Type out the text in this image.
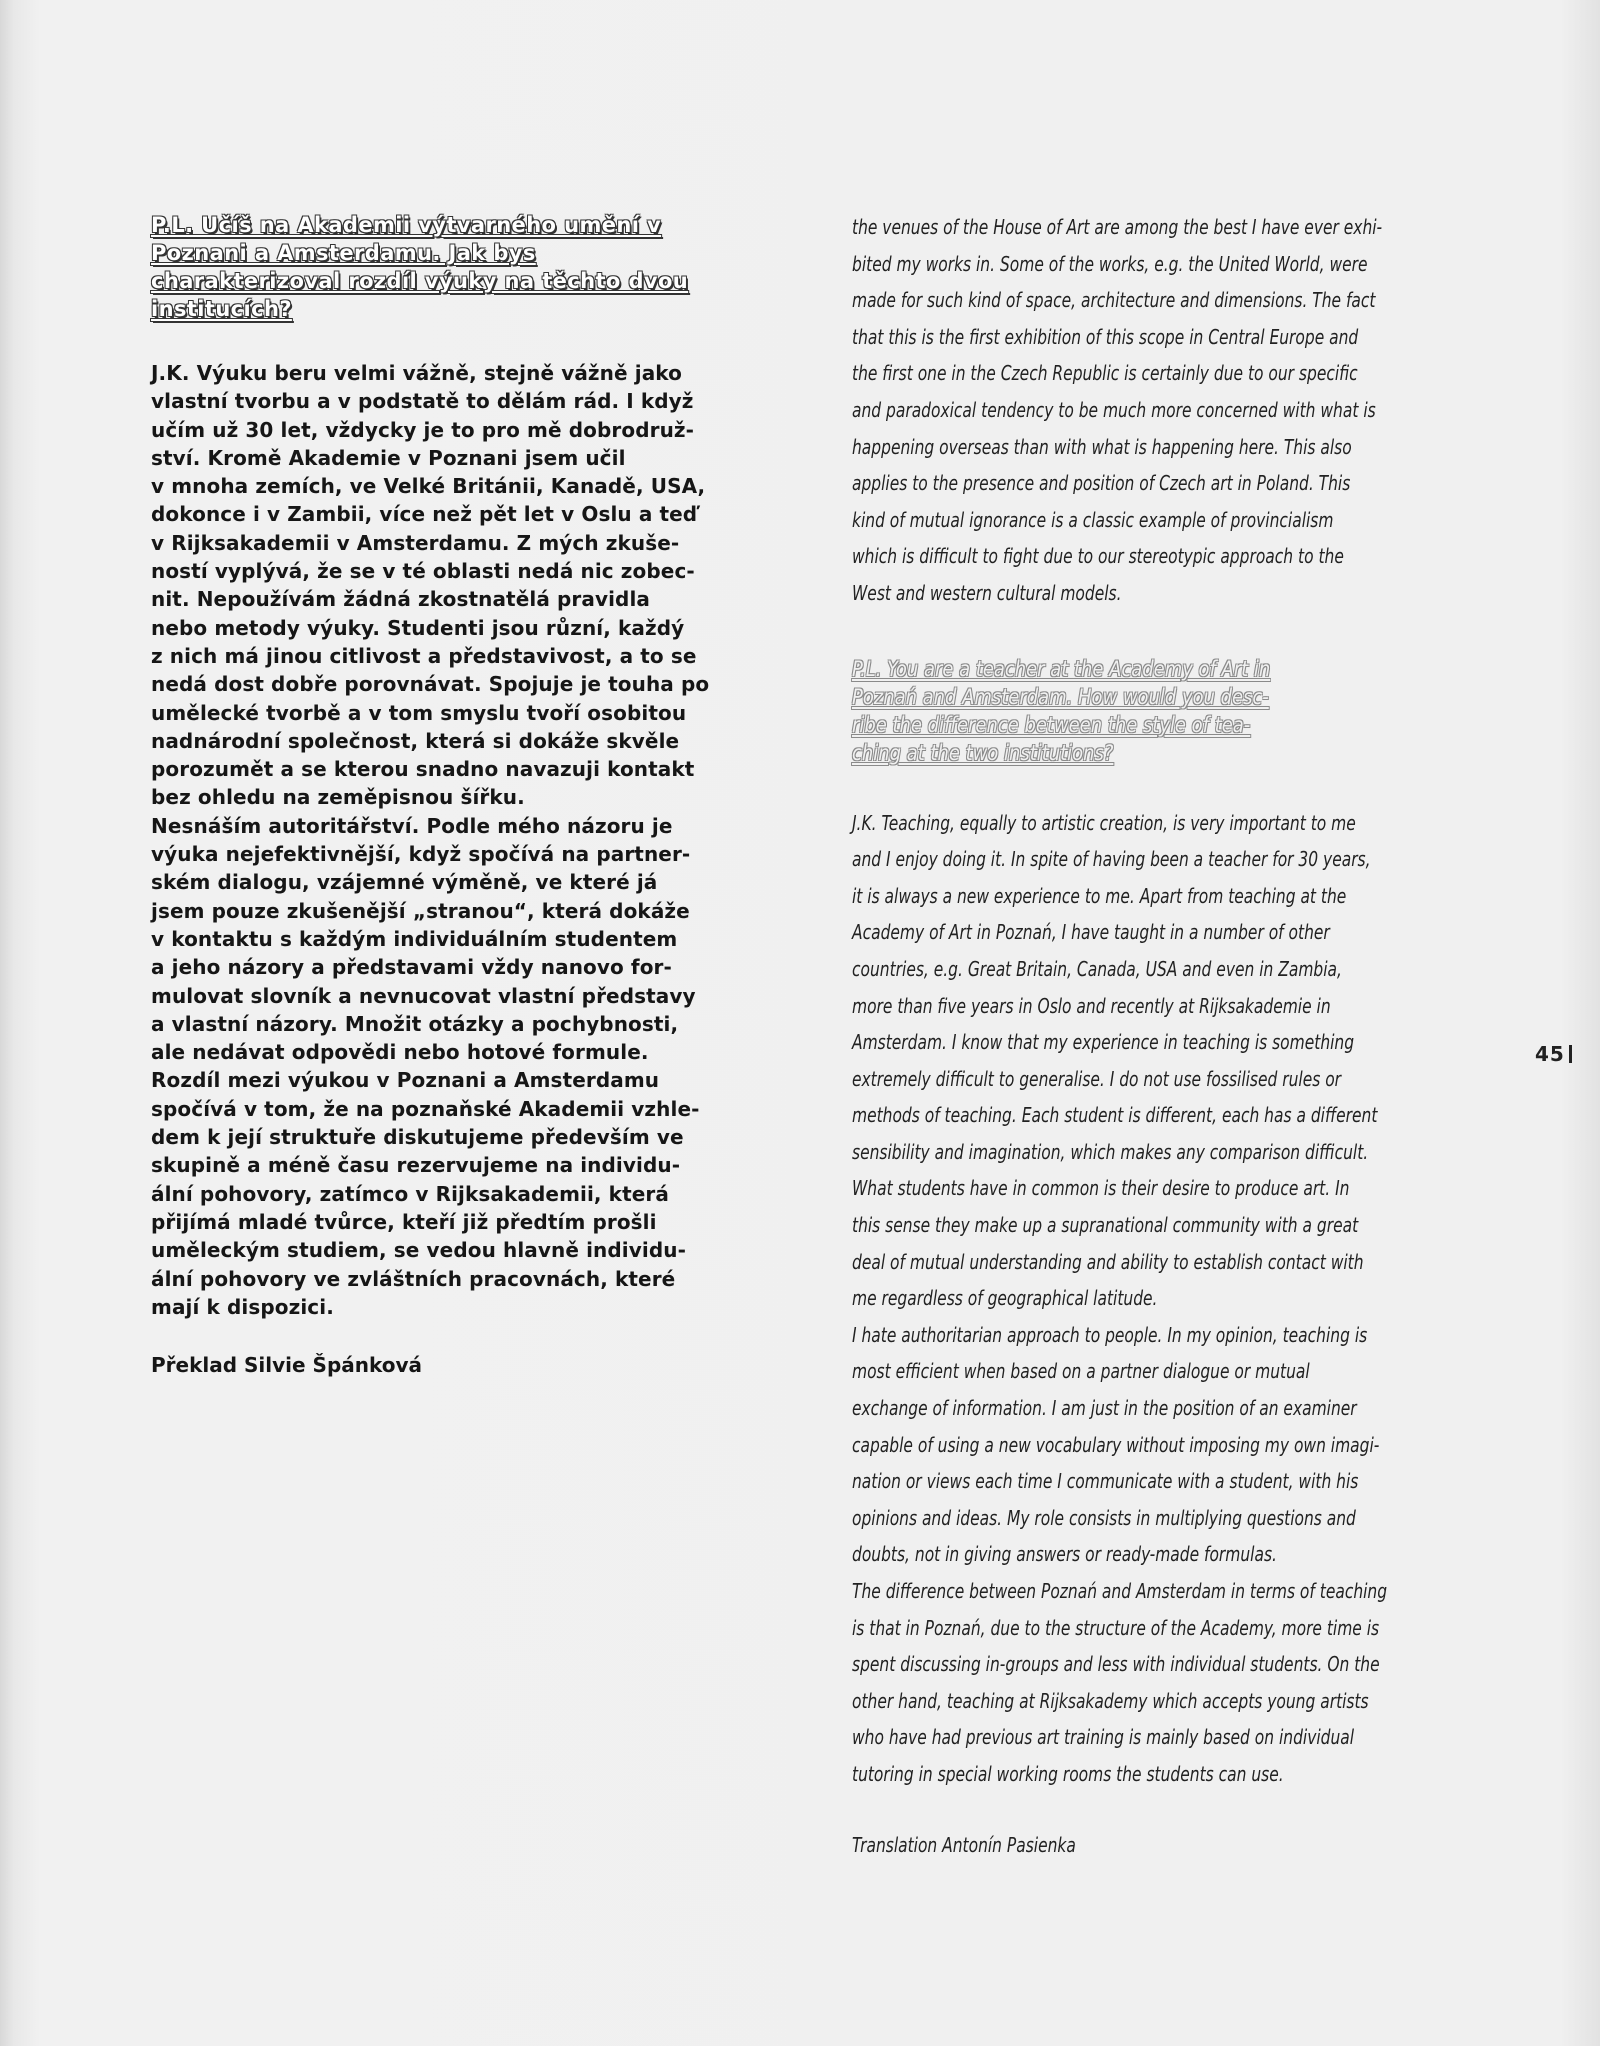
P.L. Učíš na Akademii výtvarného umění v Poznani a Amsterdamu. Jak bys charakterizoval rozdíl výuky na těchto dvou institucích?

J.K. Výuku beru velmi vážně, stejně vážně jako
vlastní tvorbu a v podstatě to dělám rád. I když
učím už 30 let, vždycky je to pro mě dobrodruž-
ství. Kromě Akademie v Poznani jsem učil
v mnoha zemích, ve Velké Británii, Kanadě, USA,
dokonce i v Zambii, více než pět let v Oslu a teď
v Rijksakademii v Amsterdamu. Z mých zkuše-
ností vyplývá, že se v té oblasti nedá nic zobec-
nit. Nepoužívám žádná zkostnatělá pravidla
nebo metody výuky. Studenti jsou různí, každý
z nich má jinou citlivost a představivost, a to se
nedá dost dobře porovnávat. Spojuje je touha po
umělecké tvorbě a v tom smyslu tvoří osobitou
nadnárodní společnost, která si dokáže skvěle
porozumět a se kterou snadno navazuji kontakt
bez ohledu na zeměpisnou šířku.
Nesnáším autoritářství. Podle mého názoru je
výuka nejefektivnější, když spočívá na partner-
ském dialogu, vzájemné výměně, ve které já
jsem pouze zkušenější „stranou“, která dokáže
v kontaktu s každým individuálním studentem
a jeho názory a představami vždy nanovo for-
mulovat slovník a nevnucovat vlastní představy
a vlastní názory. Množit otázky a pochybnosti,
ale nedávat odpovědi nebo hotové formule.
Rozdíl mezi výukou v Poznani a Amsterdamu
spočívá v tom, že na poznaňské Akademii vzhle-
dem k její struktuře diskutujeme především ve
skupině a méně času rezervujeme na individu-
ální pohovory, zatímco v Rijksakademii, která
přijímá mladé tvůrce, kteří již předtím prošli
uměleckým studiem, se vedou hlavně individu-
ální pohovory ve zvláštních pracovnách, které
mají k dispozici.

Překlad Silvie Špánková

the venues of the House of Art are among the best I have ever exhi-
bited my works in. Some of the works, e.g. the United World, were
made for such kind of space, architecture and dimensions. The fact
that this is the first exhibition of this scope in Central Europe and
the first one in the Czech Republic is certainly due to our specific
and paradoxical tendency to be much more concerned with what is
happening overseas than with what is happening here. This also
applies to the presence and position of Czech art in Poland. This
kind of mutual ignorance is a classic example of provincialism
which is difficult to fight due to our stereotypic approach to the
West and western cultural models.

P.L. You are a teacher at the Academy of Art in
Poznań and Amsterdam. How would you desc-
ribe the difference between the style of tea-
ching at the two institutions?

J.K. Teaching, equally to artistic creation, is very important to me
and I enjoy doing it. In spite of having been a teacher for 30 years,
it is always a new experience to me. Apart from teaching at the
Academy of Art in Poznań, I have taught in a number of other
countries, e.g. Great Britain, Canada, USA and even in Zambia,
more than five years in Oslo and recently at Rijksakademie in
Amsterdam. I know that my experience in teaching is something
extremely difficult to generalise. I do not use fossilised rules or
methods of teaching. Each student is different, each has a different
sensibility and imagination, which makes any comparison difficult.
What students have in common is their desire to produce art. In
this sense they make up a supranational community with a great
deal of mutual understanding and ability to establish contact with
me regardless of geographical latitude.
I hate authoritarian approach to people. In my opinion, teaching is
most efficient when based on a partner dialogue or mutual
exchange of information. I am just in the position of an examiner
capable of using a new vocabulary without imposing my own imagi-
nation or views each time I communicate with a student, with his
opinions and ideas. My role consists in multiplying questions and
doubts, not in giving answers or ready-made formulas.
The difference between Poznań and Amsterdam in terms of teaching
is that in Poznań, due to the structure of the Academy, more time is
spent discussing in-groups and less with individual students. On the
other hand, teaching at Rijksakademy which accepts young artists
who have had previous art training is mainly based on individual
tutoring in special working rooms the students can use.

Translation Antonín Pasienka

45
